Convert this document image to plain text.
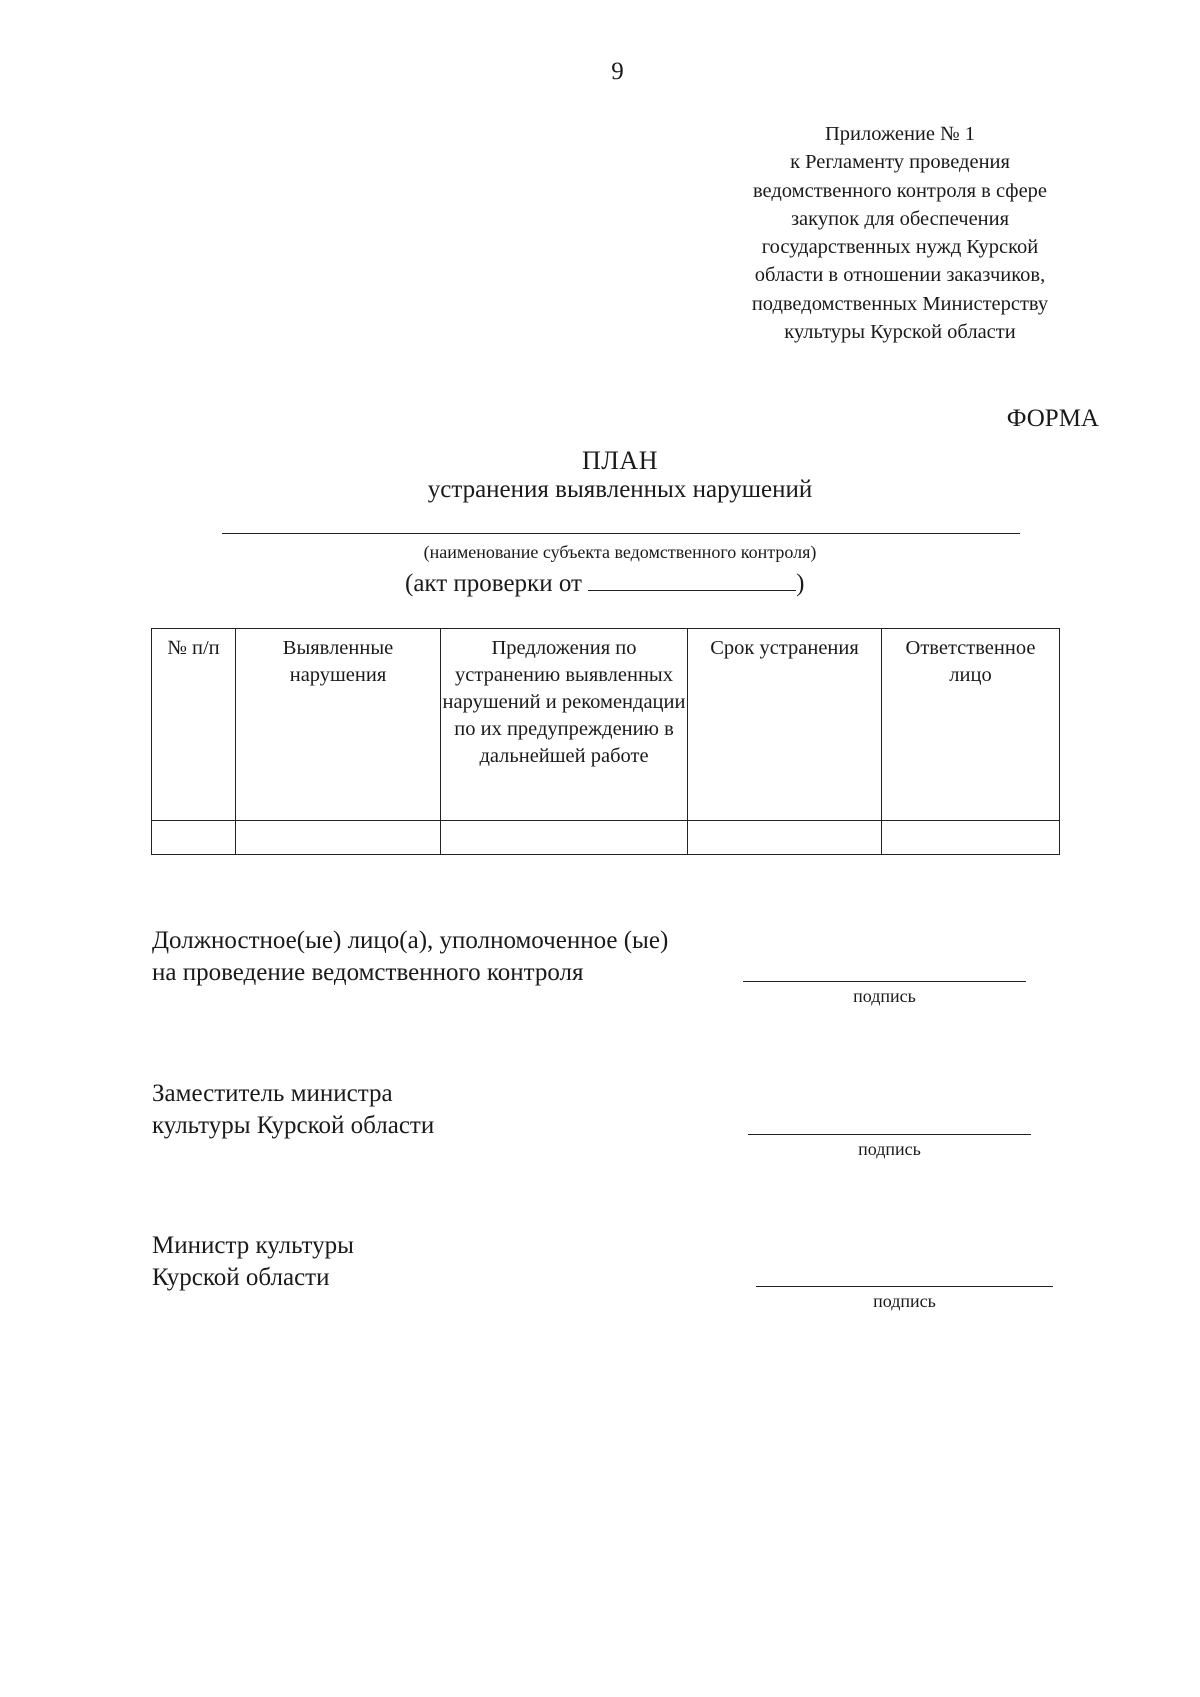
9
Приложение № 1
к Регламенту проведения
ведомственного контроля в сфере
закупок для обеспечения
государственных нужд Курской
области в отношении заказчиков,
подведомственных Министерству
культуры Курской области
ФОРМА
ПЛАН
устранения выявленных нарушений
(наименование субъекта ведомственного контроля)
(акт проверки от	)
№ п/п	Выявленные нарушения	Предложения по устранению выявленных нарушений и рекомендации по их предупреждению в дальнейшей работе	Срок устранения	Ответственное лицо

Должностное(ые) лицо(а), уполномоченное (ые)
на проведение ведомственного контроля
подпись
Заместитель министра
культуры Курской области
подпись
Министр культуры
Курской области
подпись
